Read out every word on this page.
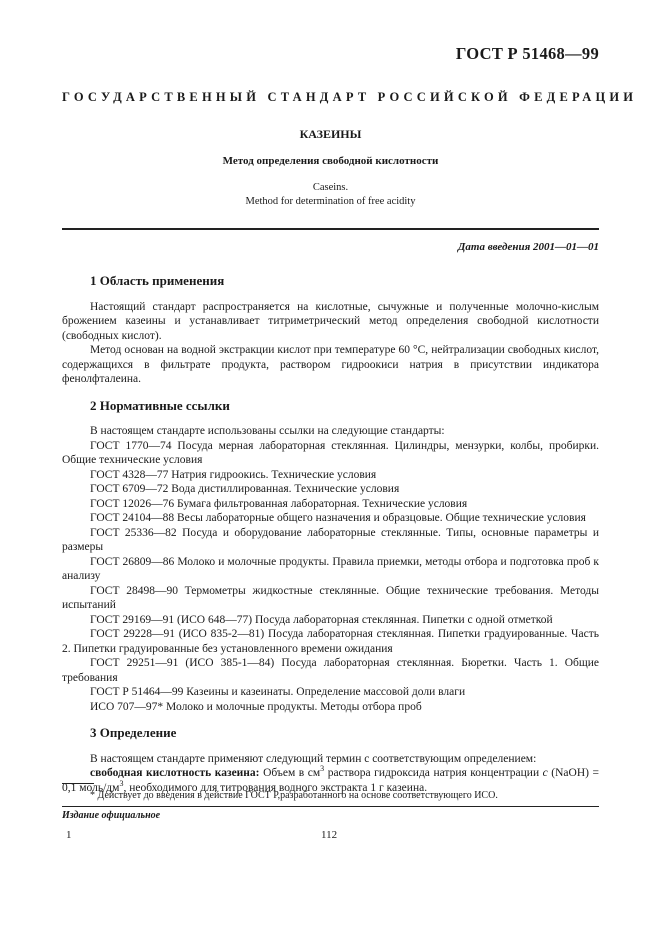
ГОСТ Р 51468—99
ГОСУДАРСТВЕННЫЙ СТАНДАРТ РОССИЙСКОЙ ФЕДЕРАЦИИ
КАЗЕИНЫ
Метод определения свободной кислотности
Caseins.
Method for determination of free acidity
Дата введения 2001—01—01
1 Область применения

Настоящий стандарт распространяется на кислотные, сычужные и полученные молочно-кислым брожением казеины и устанавливает титриметрический метод определения свободной кислотности (свободных кислот).

Метод основан на водной экстракции кислот при температуре 60 °С, нейтрализации свободных кислот, содержащихся в фильтрате продукта, раствором гидроокиси натрия в присутствии индикатора фенолфталеина.

2 Нормативные ссылки

В настоящем стандарте использованы ссылки на следующие стандарты:

ГОСТ 1770—74 Посуда мерная лабораторная стеклянная. Цилиндры, мензурки, колбы, пробирки. Общие технические условия

ГОСТ 4328—77 Натрия гидроокись. Технические условия

ГОСТ 6709—72 Вода дистиллированная. Технические условия

ГОСТ 12026—76 Бумага фильтрованная лабораторная. Технические условия

ГОСТ 24104—88 Весы лабораторные общего назначения и образцовые. Общие технические условия

ГОСТ 25336—82 Посуда и оборудование лабораторные стеклянные. Типы, основные параметры и размеры

ГОСТ 26809—86 Молоко и молочные продукты. Правила приемки, методы отбора и подготовка проб к анализу

ГОСТ 28498—90 Термометры жидкостные стеклянные. Общие технические требования. Методы испытаний

ГОСТ 29169—91 (ИСО 648—77) Посуда лабораторная стеклянная. Пипетки с одной отметкой

ГОСТ 29228—91 (ИСО 835-2—81) Посуда лабораторная стеклянная. Пипетки градуированные. Часть 2. Пипетки градуированные без установленного времени ожидания

ГОСТ 29251—91 (ИСО 385-1—84) Посуда лабораторная стеклянная. Бюретки. Часть 1. Общие требования

ГОСТ Р 51464—99 Казеины и казеинаты. Определение массовой доли влаги

ИСО 707—97* Молоко и молочные продукты. Методы отбора проб

3 Определение

В настоящем стандарте применяют следующий термин с соответствующим определением:

свободная кислотность казеина: Объем в $см^3$ раствора гидроксида натрия концентрации с (NaOH) = 0,1 моль/$дм^3$, необходимого для титрования водного экстракта 1 г казеина.

* Действует до введения в действие ГОСТ Р,разработанного на основе соответствующего ИСО.
Издание официальное
1	112
